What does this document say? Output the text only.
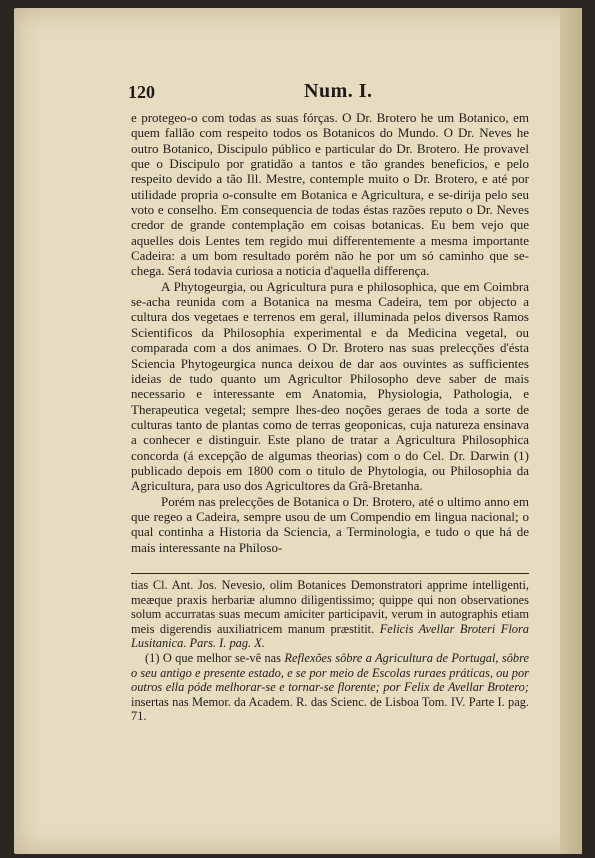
120	Num. I.

e protegeo-o com todas as suas fórças. O Dr. Brotero he um Botanico, em quem fallão com respeito todos os Botanicos do Mundo. O Dr. Neves he outro Botanico, Discipulo público e particular do Dr. Brotero. He provavel que o Discipulo por gratidão a tantos e tão grandes beneficios, e pelo respeito devido a tão Ill. Mestre, contemple muito o Dr. Brotero, e até por utilidade propria o-consulte em Botanica e Agricultura, e se-dirija pelo seu voto e conselho. Em consequencia de todas éstas razões reputo o Dr. Neves credor de grande contemplação em coisas botanicas. Eu bem vejo que aquelles dois Lentes tem regido mui differentemente a mesma importante Cadeira: a um bom resultado porém não he por um só caminho que se-chega. Será todavia curiosa a noticia d'aquella differença.

A Phytogeurgia, ou Agricultura pura e philosophica, que em Coimbra se-acha reunida com a Botanica na mesma Cadeira, tem por objecto a cultura dos vegetaes e terrenos em geral, illuminada pelos diversos Ramos Scientificos da Philosophia experimental e da Medicina vegetal, ou comparada com a dos animaes. O Dr. Brotero nas suas prelecções d'ésta Sciencia Phytogeurgica nunca deixou de dar aos ouvintes as sufficientes ideias de tudo quanto um Agricultor Philosopho deve saber de mais necessario e interessante em Anatomia, Physiologia, Pathologia, e Therapeutica vegetal; sempre lhes-deo noções geraes de toda a sorte de culturas tanto de plantas como de terras geoponicas, cuja natureza ensinava a conhecer e distinguir. Este plano de tratar a Agricultura Philosophica concorda (á excepção de algumas theorias) com o do Cel. Dr. Darwin (1) publicado depois em 1800 com o titulo de Phytologia, ou Philosophia da Agricultura, para uso dos Agricultores da Grã-Bretanha.

Porém nas prelecções de Botanica o Dr. Brotero, até o ultimo anno em que regeo a Cadeira, sempre usou de um Compendio em lingua nacional; o qual continha a Historia da Sciencia, a Terminologia, e tudo o que há de mais interessante na Philoso-

tias Cl. Ant. Jos. Nevesio, olim Botanices Demonstratori apprime intelligenti, meæque praxis herbariæ alumno diligentissimo; quippe qui non observationes solum accurratas suas mecum amiciter participavit, verum in autographis etiam meis digerendis auxiliatricem manum præstitit. Felicis Avellar Broteri Flora Lusitanica. Pars. I. pag. X.

(1) O que melhor se-vê nas Reflexões sôbre a Agricultura de Portugal, sôbre o seu antigo e presente estado, e se por meio de Escolas ruraes práticas, ou por outros ella póde melhorar-se e tornar-se florente; por Felix de Avellar Brotero; insertas nas Memor. da Academ. R. das Scienc. de Lisboa Tom. IV. Parte I. pag. 71.
